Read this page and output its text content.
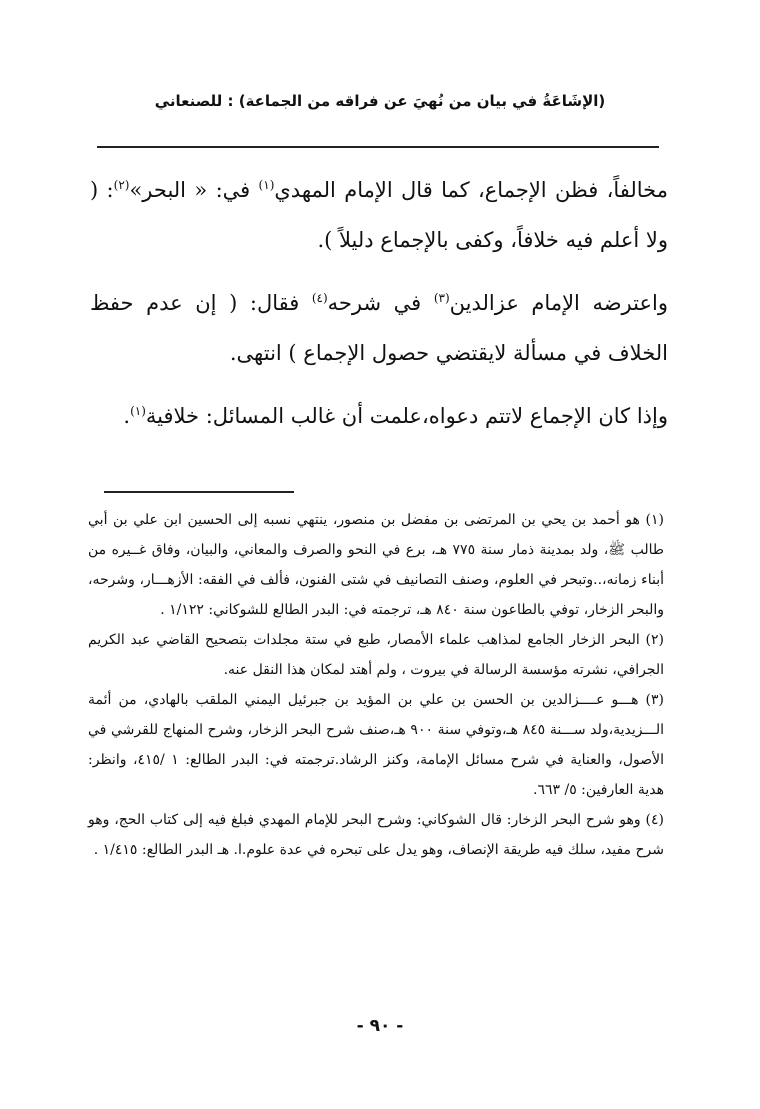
(الإشَاعَةُ في بيان من نُهيَ عن فراقه من الجماعة) : للصنعاني

مخالفاً، فظن الإجماع، كما قال الإمام المهدي$^{(١)}$ في: « البحر»$^{(٢)}$: ( ولا أعلم فيه خلافاً، وكفى بالإجماع دليلاً ).

واعترضه الإمام عزالدين$^{(٣)}$ في شرحه$^{(٤)}$ فقال: ( إن عدم حفظ الخلاف في مسألة لايقتضي حصول الإجماع ) انتهى.

وإذا كان الإجماع لاتتم دعواه،علمت أن غالب المسائل: خلافية$^{(١)}$.

(١) هو أحمد بن يحي بن المرتضى بن مفضل بن منصور، ينتهي نسبه إلى الحسين ابن علي بن أبي طالب ﷺ، ولد بمدينة ذمار سنة ٧٧٥ هـ، برع في النحو والصرف والمعاني، والبيان، وفاق غــيره من أبناء زمانه،..وتبحر في العلوم، وصنف التصانيف في شتى الفنون، فألف في الفقه: الأزهـــار، وشرحه، والبحر الزخار، توفي بالطاعون سنة ٨٤٠ هـ، ترجمته في: البدر الطالع للشوكاني: ١/١٢٢ .

(٢) البحر الزخار الجامع لمذاهب علماء الأمصار، طبع في ستة مجلدات بتصحيح القاضي عبد الكريم الجرافي، نشرته مؤسسة الرسالة في بيروت ، ولم أهتد لمكان هذا النقل عنه.

(٣) هـــو عــــزالدين بن الحسن بن علي بن المؤيد بن جبرئيل اليمني الملقب بالهادي، من أئمة الـــزيدية،ولد ســـنة ٨٤٥ هـ،وتوفي سنة ٩٠٠ هـ،صنف شرح البحر الزخار، وشرح المنهاج للقرشي في الأصول، والعناية في شرح مسائل الإمامة، وكنز الرشاد.ترجمته في: البدر الطالع: ١ /٤١٥، وانظر: هدية العارفين: ٥/ ٦٦٣.

(٤) وهو شرح البحر الزخار: قال الشوكاني: وشرح البحر للإمام المهدي فبلغ فيه إلى كتاب الحج، وهو شرح مفيد، سلك فيه طريقة الإنصاف، وهو يدل على تبحره في عدة علوم.ا. هـ البدر الطالع: ١/٤١٥ .

- ٩٠ -
